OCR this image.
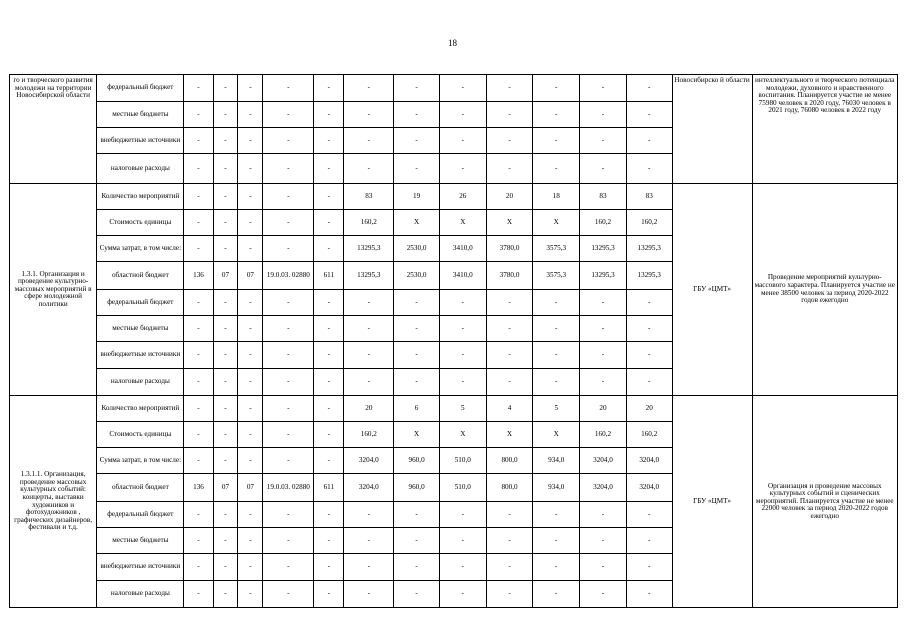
18
го и творческого развития молодежи на территории Новосибирской области	федеральный бюджет	-	-	-	-	-	-	-	-	-	-	-	-	Новосибирско й области	интеллектуального и творческого потенциала молодежи, духовного и нравственного воспитания. Планируется участие не менее 75980 человек в 2020 году, 76030 человек в 2021 году, 76080 человек в 2022 году
	местные бюджеты	-	-	-	-	-	-	-	-	-	-	-	-		
	внебюджетные источники	-	-	-	-	-	-	-	-	-	-	-	-		
	налоговые расходы	-	-	-	-	-	-	-	-	-	-	-	-		
1.3.1. Организация и проведение культурно-массовых мероприятий в сфере молодежной политики	Количество мероприятий	-	-	-	-	-	83	19	26	20	18	83	83	ГБУ «ЦМТ»	Проведение мероприятий культурно-массового характера. Планируется участие не менее 38500 человек за период 2020-2022 годов ежегодно
	Стоимость единицы	-	-	-	-	-	160,2	X	X	X	X	160,2	160,2		
	Сумма затрат, в том числе:	-	-	-	-	-	13295,3	2530,0	3410,0	3780,0	3575,3	13295,3	13295,3		
	областной бюджет	136	07	07	19.0.03. 02880	611	13295,3	2530,0	3410,0	3780,0	3575,3	13295,3	13295,3		
	федеральный бюджет	-	-	-	-	-	-	-	-	-	-	-	-		
	местные бюджеты	-	-	-	-	-	-	-	-	-	-	-	-		
	внебюджетные источники	-	-	-	-	-	-	-	-	-	-	-	-		
	налоговые расходы	-	-	-	-	-	-	-	-	-	-	-	-		
1.3.1.1. Организация, проведение массовых культурных событий: концерты, выставки художников и фотохудожников , графических дизайнеров, фестивали и т.д.	Количество мероприятий	-	-	-	-	-	20	6	5	4	5	20	20	ГБУ «ЦМТ»	Организация и проведение массовых культурных событий и сценических мероприятий. Планируется участие не менее 22000 человек за период 2020-2022 годов ежегодно
	Стоимость единицы	-	-	-	-	-	160,2	X	X	X	X	160,2	160,2		
	Сумма затрат, в том числе:	-	-	-	-	-	3204,0	960,0	510,0	800,0	934,0	3204,0	3204,0		
	областной бюджет	136	07	07	19.0.03. 02880	611	3204,0	960,0	510,0	800,0	934,0	3204,0	3204,0		
	федеральный бюджет	-	-	-	-	-	-	-	-	-	-	-	-		
	местные бюджеты	-	-	-	-	-	-	-	-	-	-	-	-		
	внебюджетные источники	-	-	-	-	-	-	-	-	-	-	-	-		
	налоговые расходы	-	-	-	-	-	-	-	-	-	-	-	-		
